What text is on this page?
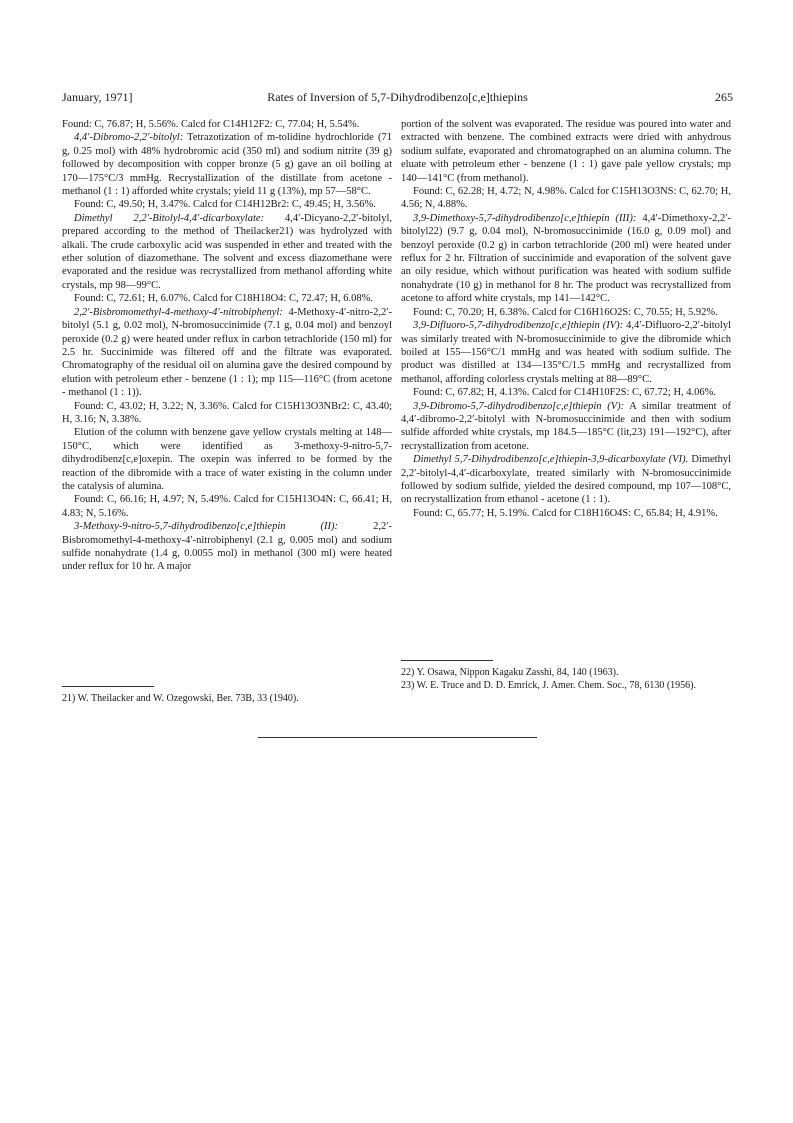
January, 1971]	Rates of Inversion of 5,7-Dihydrodibenzo[c,e]thiepins	265

Found: C, 76.87; H, 5.56%. Calcd for C14H12F2: C, 77.04; H, 5.54%.

4,4′-Dibromo-2,2′-bitolyl: Tetrazotization of m-tolidine hydrochloride (71 g, 0.25 mol) with 48% hydrobromic acid (350 ml) and sodium nitrite (39 g) followed by decomposition with copper bronze (5 g) gave an oil boiling at 170—175°C/3 mmHg. Recrystallization of the distillate from acetone - methanol (1 : 1) afforded white crystals; yield 11 g (13%), mp 57—58°C.

Found: C, 49.50; H, 3.47%. Calcd for C14H12Br2: C, 49.45; H, 3.56%.

Dimethyl 2,2′-Bitolyl-4,4′-dicarboxylate: 4,4′-Dicyano-2,2′-bitolyl, prepared according to the method of Theilacker21) was hydrolyzed with alkali. The crude carboxylic acid was suspended in ether and treated with the ether solution of diazomethane. The solvent and excess diazomethane were evaporated and the residue was recrystallized from methanol affording white crystals, mp 98—99°C.

Found: C, 72.61; H, 6.07%. Calcd for C18H18O4: C, 72.47; H, 6.08%.

2,2′-Bisbromomethyl-4-methoxy-4′-nitrobiphenyl: 4-Methoxy-4′-nitro-2,2′-bitolyl (5.1 g, 0.02 mol), N-bromosuccinimide (7.1 g, 0.04 mol) and benzoyl peroxide (0.2 g) were heated under reflux in carbon tetrachloride (150 ml) for 2.5 hr. Succinimide was filtered off and the filtrate was evaporated. Chromatography of the residual oil on alumina gave the desired compound by elution with petroleum ether - benzene (1 : 1); mp 115—116°C (from acetone - methanol (1 : 1)).

Found: C, 43.02; H, 3.22; N, 3.36%. Calcd for C15H13O3NBr2: C, 43.40; H, 3.16; N, 3.38%.

Elution of the column with benzene gave yellow crystals melting at 148—150°C, which were identified as 3-methoxy-9-nitro-5,7-dihydrodibenz[c,e]oxepin. The oxepin was inferred to be formed by the reaction of the dibromide with a trace of water existing in the column under the catalysis of alumina.

Found: C, 66.16; H, 4.97; N, 5.49%. Calcd for C15H13O4N: C, 66.41; H, 4.83; N, 5.16%.

3-Methoxy-9-nitro-5,7-dihydrodibenzo[c,e]thiepin (II): 2,2′-Bisbromomethyl-4-methoxy-4′-nitrobiphenyl (2.1 g, 0.005 mol) and sodium sulfide nonahydrate (1.4 g, 0.0055 mol) in methanol (300 ml) were heated under reflux for 10 hr. A major

portion of the solvent was evaporated. The residue was poured into water and extracted with benzene. The combined extracts were dried with anhydrous sodium sulfate, evaporated and chromatographed on an alumina column. The eluate with petroleum ether - benzene (1 : 1) gave pale yellow crystals; mp 140—141°C (from methanol).

Found: C, 62.28; H, 4.72; N, 4.98%. Calcd for C15H13O3NS: C, 62.70; H, 4.56; N, 4.88%.

3,9-Dimethoxy-5,7-dihydrodibenzo[c,e]thiepin (III): 4,4′-Dimethoxy-2,2′-bitolyl22) (9.7 g, 0.04 mol), N-bromosuccinimide (16.0 g, 0.09 mol) and benzoyl peroxide (0.2 g) in carbon tetrachloride (200 ml) were heated under reflux for 2 hr. Filtration of succinimide and evaporation of the solvent gave an oily residue, which without purification was heated with sodium sulfide nonahydrate (10 g) in methanol for 8 hr. The product was recrystallized from acetone to afford white crystals, mp 141—142°C.

Found: C, 70.20; H, 6.38%. Calcd for C16H16O2S: C, 70.55; H, 5.92%.

3,9-Difluoro-5,7-dihydrodibenzo[c,e]thiepin (IV): 4,4′-Difluoro-2,2′-bitolyl was similarly treated with N-bromosuccinimide to give the dibromide which boiled at 155—156°C/1 mmHg and was heated with sodium sulfide. The product was distilled at 134—135°C/1.5 mmHg and recrystallized from methanol, affording colorless crystals melting at 88—89°C.

Found: C, 67.82; H, 4.13%. Calcd for C14H10F2S: C, 67.72; H, 4.06%.

3,9-Dibromo-5,7-dihydrodibenzo[c,e]thiepin (V): A similar treatment of 4,4′-dibromo-2,2′-bitolyl with N-bromosuccinimide and then with sodium sulfide afforded white crystals, mp 184.5—185°C (lit,23) 191—192°C), after recrystallization from acetone.

Dimethyl 5,7-Dihydrodibenzo[c,e]thiepin-3,9-dicarboxylate (VI). Dimethyl 2,2′-bitolyl-4,4′-dicarboxylate, treated similarly with N-bromosuccinimide followed by sodium sulfide, yielded the desired compound, mp 107—108°C, on recrystallization from ethanol - acetone (1 : 1).

Found: C, 65.77; H, 5.19%. Calcd for C18H16O4S: C, 65.84; H, 4.91%.

21) W. Theilacker and W. Ozegowski, Ber. 73B, 33 (1940).

22) Y. Osawa, Nippon Kagaku Zasshi, 84, 140 (1963).

23) W. E. Truce and D. D. Emrick, J. Amer. Chem. Soc., 78, 6130 (1956).
